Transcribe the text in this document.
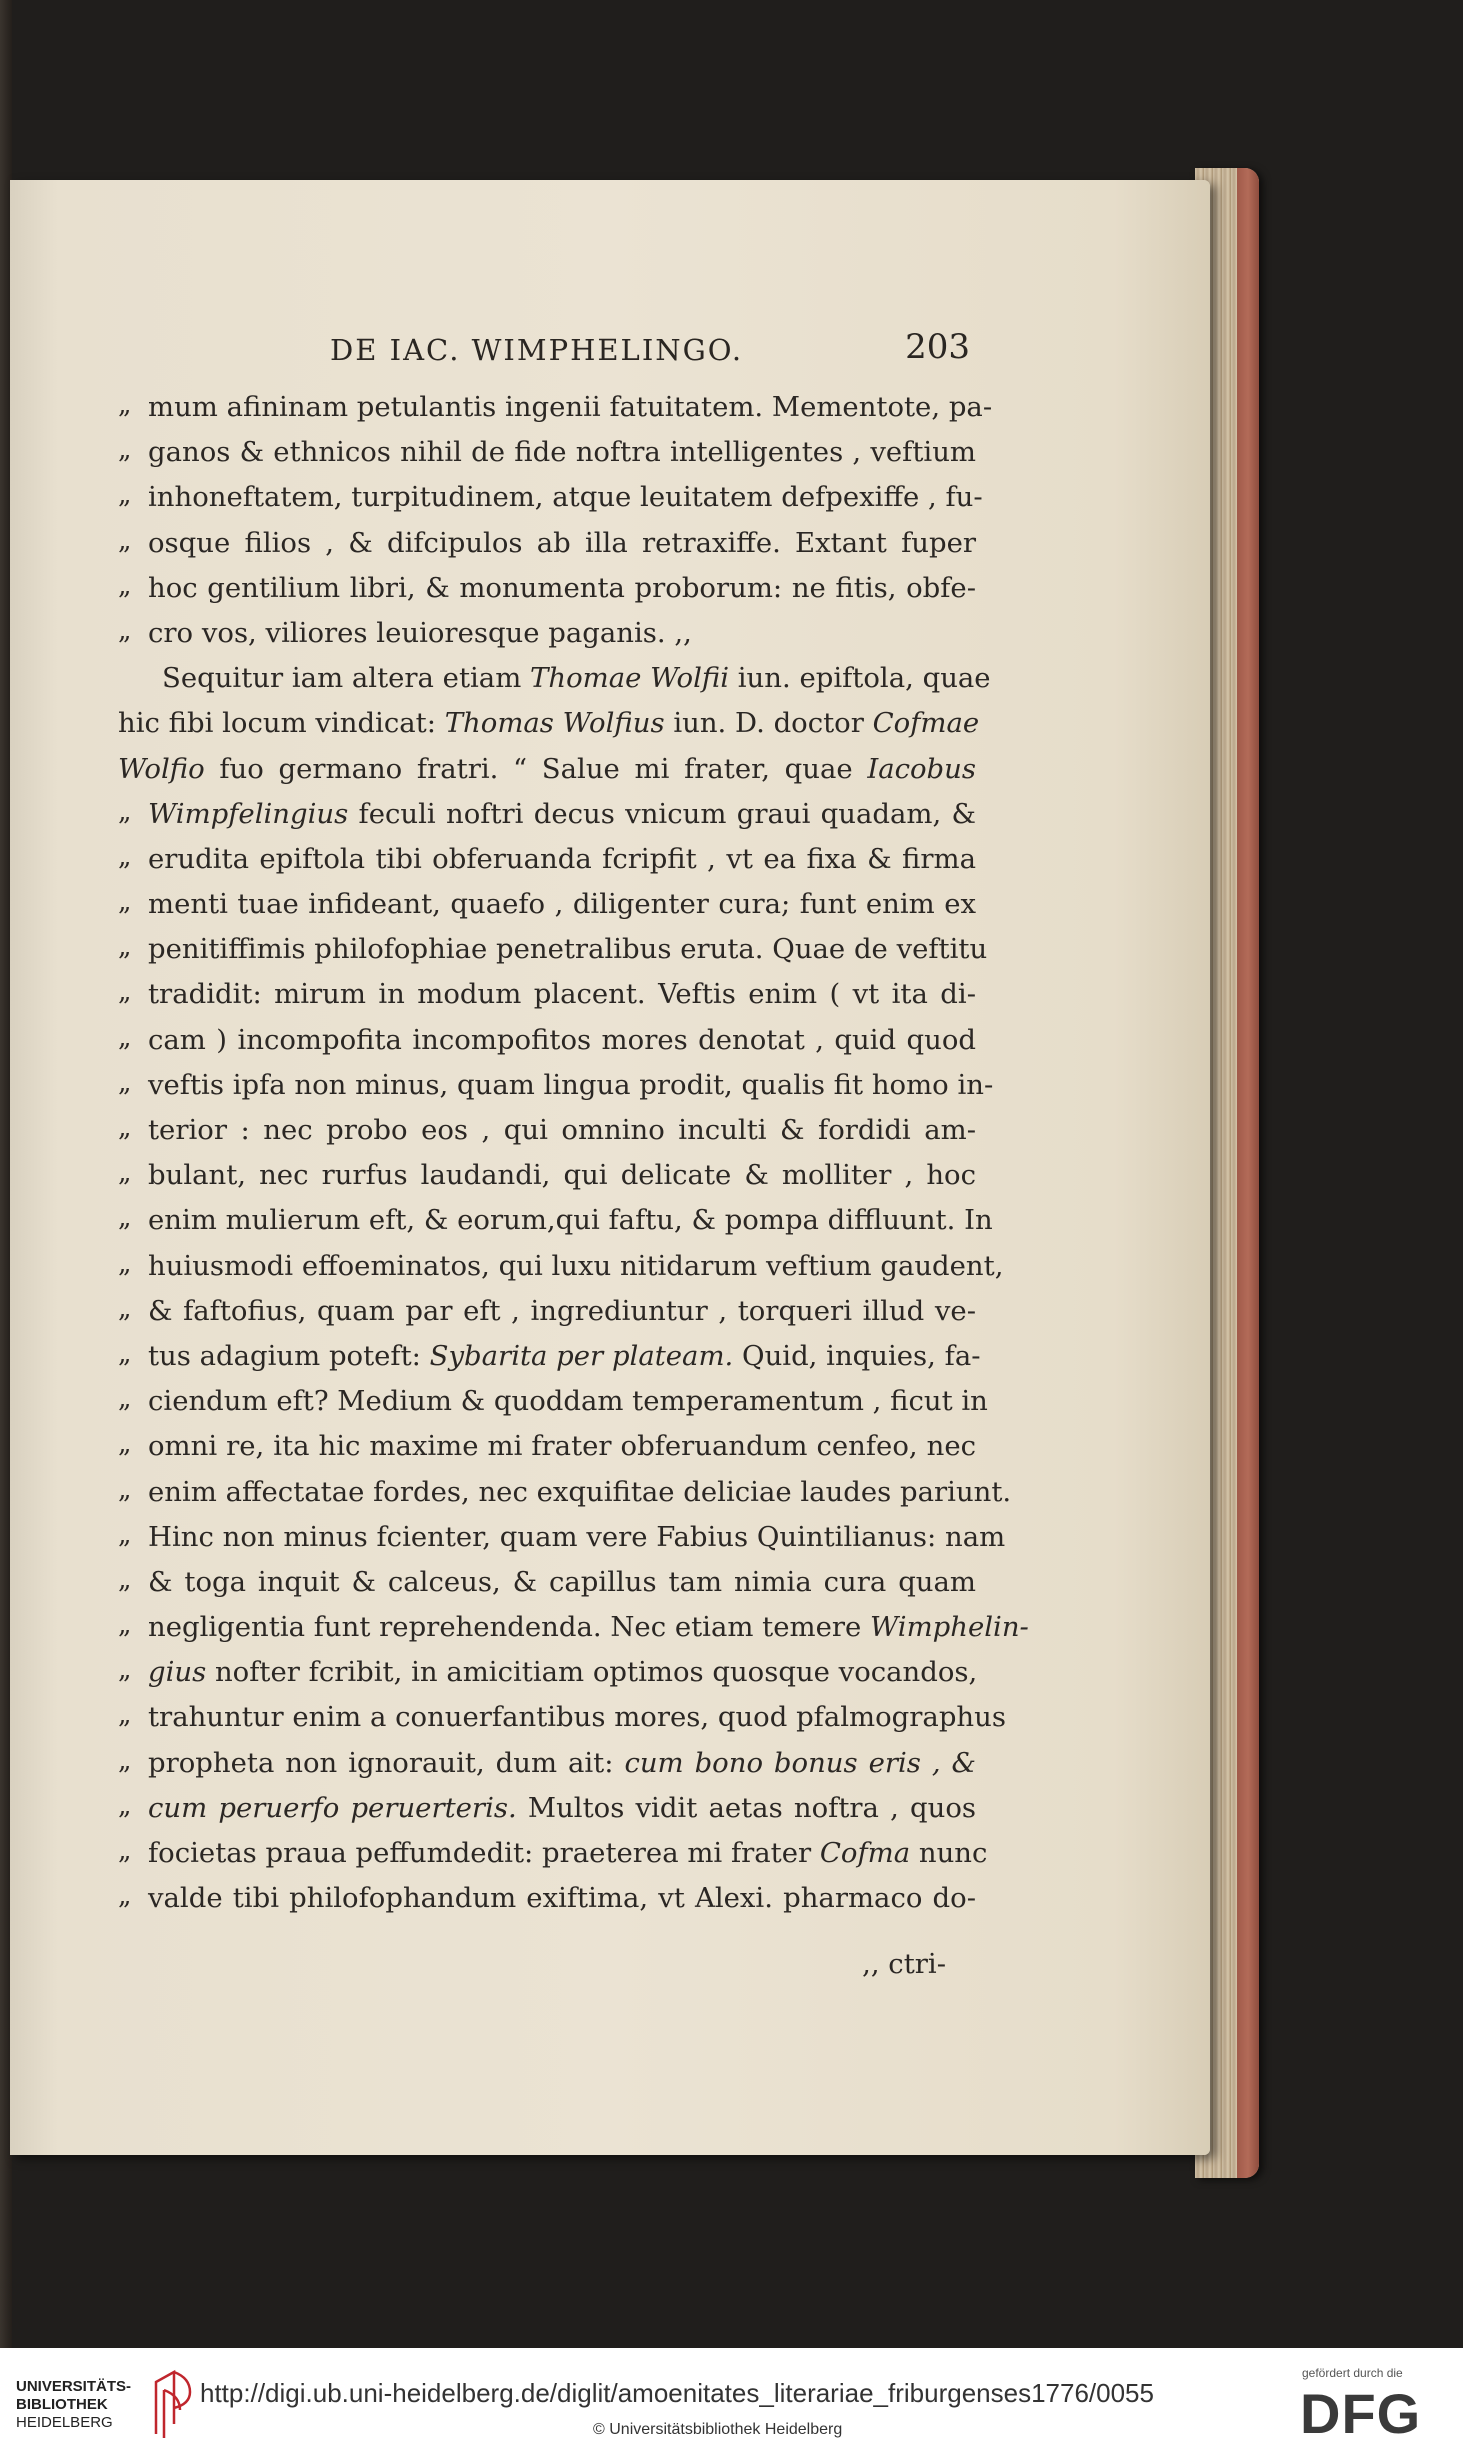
DE IAC. WIMPHELINGO.	203
„ mum afininam petulantis ingenii fatuitatem. Mementote, pa-
„ ganos & ethnicos nihil de fide noftra intelligentes , veftium
„ inhoneftatem, turpitudinem, atque leuitatem defpexiffe , fu-
„ osque filios , & difcipulos ab illa retraxiffe. Extant fuper
„ hoc gentilium libri, & monumenta proborum: ne fitis, obfe-
„ cro vos, viliores leuioresque paganis. ,,
Sequitur iam altera etiam Thomae Wolfii iun. epiftola, quae
hic fibi locum vindicat: Thomas Wolfius iun. D. doctor Cofmae
Wolfio fuo germano fratri. “ Salue mi frater, quae Iacobus
„ Wimpfelingius feculi noftri decus vnicum graui quadam, &
„ erudita epiftola tibi obferuanda fcripfit , vt ea fixa & firma
„ menti tuae infideant, quaefo , diligenter cura; funt enim ex
„ penitiffimis philofophiae penetralibus eruta. Quae de veftitu
„ tradidit: mirum in modum placent. Veftis enim ( vt ita di-
„ cam ) incompofita incompofitos mores denotat , quid quod
„ veftis ipfa non minus, quam lingua prodit, qualis fit homo in-
„ terior : nec probo eos , qui omnino inculti & fordidi am-
„ bulant, nec rurfus laudandi, qui delicate & molliter , hoc
„ enim mulierum eft, & eorum,qui faftu, & pompa diffluunt. In
„ huiusmodi effoeminatos, qui luxu nitidarum veftium gaudent,
„ & faftofius, quam par eft , ingrediuntur , torqueri illud ve-
„ tus adagium poteft: Sybarita per plateam. Quid, inquies, fa-
„ ciendum eft? Medium & quoddam temperamentum , ficut in
„ omni re, ita hic maxime mi frater obferuandum cenfeo, nec
„ enim affectatae fordes, nec exquifitae deliciae laudes pariunt.
„ Hinc non minus fcienter, quam vere Fabius Quintilianus: nam
„ & toga inquit & calceus, & capillus tam nimia cura quam
„ negligentia funt reprehendenda. Nec etiam temere Wimphelin-
„ gius nofter fcribit, in amicitiam optimos quosque vocandos,
„ trahuntur enim a conuerfantibus mores, quod pfalmographus
„ propheta non ignorauit, dum ait: cum bono bonus eris , &
„ cum peruerfo peruerteris. Multos vidit aetas noftra , quos
„ focietas praua peffumdedit: praeterea mi frater Cofma nunc
„ valde tibi philofophandum exiftima, vt Alexi. pharmaco do-
,, ctri-
UNIVERSITÄTS-
BIBLIOTHEK
HEIDELBERG
http://digi.ub.uni-heidelberg.de/diglit/amoenitates_literariae_friburgenses1776/0055
© Universitätsbibliothek Heidelberg
gefördert durch die
DFG
